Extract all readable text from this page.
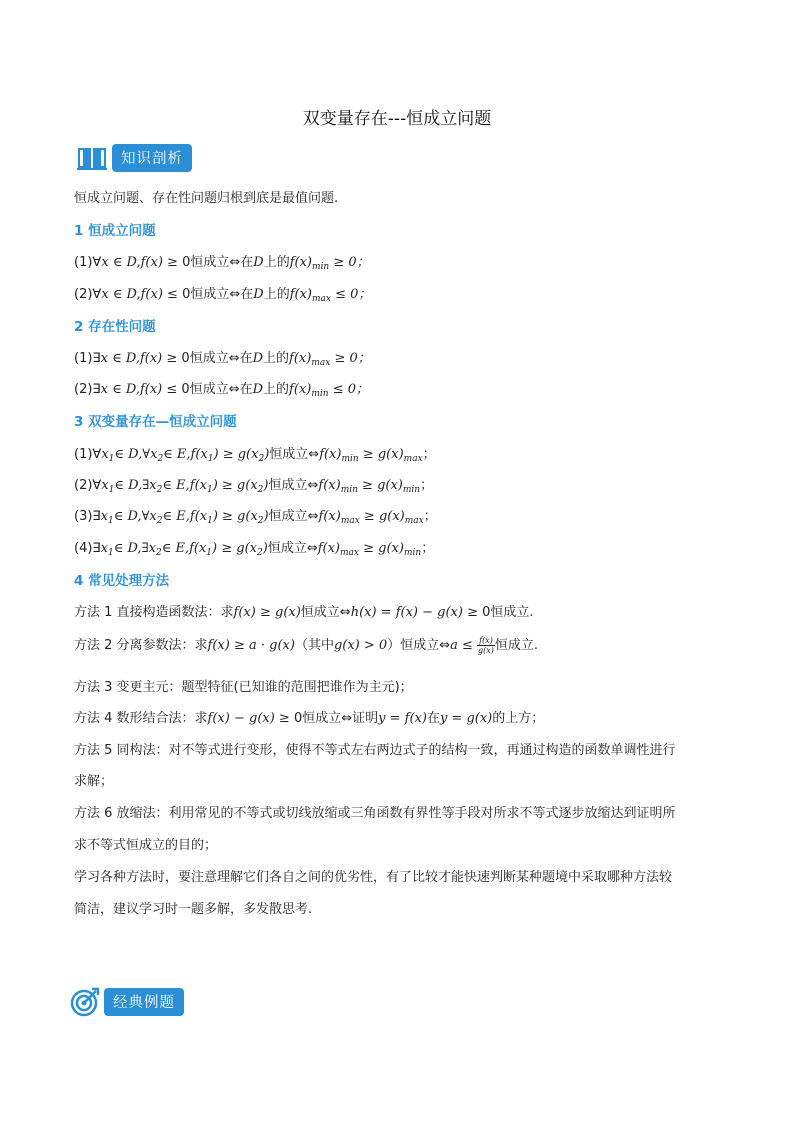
双变量存在---恒成立问题
知识剖析
恒成立问题、存在性问题归根到底是最值问题.
1 恒成立问题
(1)∀x ∈ D,f(x) ≥ 0恒成立⇔在D上的$f(x)_{min} \ge 0$；
(2)∀x ∈ D,f(x) ≤ 0恒成立⇔在D上的$f(x)_{max} \le 0$；
2 存在性问题
(1)∃x ∈ D,f(x) ≥ 0恒成立⇔在D上的$f(x)_{max} \ge 0$；
(2)∃x ∈ D,f(x) ≤ 0恒成立⇔在D上的$f(x)_{min} \le 0$；
3 双变量存在—恒成立问题
$(1)\forall x_1\in$ $D,\forall x_2\in$ $E,f(x_1) \ge g(x_2)$恒成立$\Leftrightarrow f(x)_{min} \ge g(x)_{max}$；
$(2)\forall x_1\in$ $D,\exists x_2\in$ $E,f(x_1) \ge g(x_2)$恒成立$\Leftrightarrow f(x)_{min} \ge g(x)_{min}$；
$(3)\exists x_1\in$ $D,\forall x_2\in$ $E,f(x_1) \ge g(x_2)$恒成立$\Leftrightarrow f(x)_{max} \ge g(x)_{max}$；
$(4)\exists x_1\in$ $D,\exists x_2\in$ $E,f(x_1) \ge g(x_2)$恒成立$\Leftrightarrow f(x)_{max} \ge g(x)_{min}$；
4 常见处理方法
方法 1 直接构造函数法：求f(x) ≥ g(x)恒成立⇔h(x) = f(x) − g(x) ≥ 0恒成立.
方法 2 分离参数法：求f(x) ≥ a · g(x)（其中g(x) > 0）恒成立⇔a ≤ $\frac{f(x)}{g(x)}$ 恒成立.
方法 3 变更主元：题型特征(已知谁的范围把谁作为主元)；
方法 4 数形结合法：求f(x) − g(x) ≥ 0恒成立⇔证明y = f(x)在y = g(x)的上方；
方法 5 同构法：对不等式进行变形，使得不等式左右两边式子的结构一致，再通过构造的函数单调性进行
求解；
方法 6 放缩法：利用常见的不等式或切线放缩或三角函数有界性等手段对所求不等式逐步放缩达到证明所
求不等式恒成立的目的；
学习各种方法时，要注意理解它们各自之间的优劣性，有了比较才能快速判断某种题境中采取哪种方法较
简洁，建议学习时一题多解，多发散思考.
经典例题
